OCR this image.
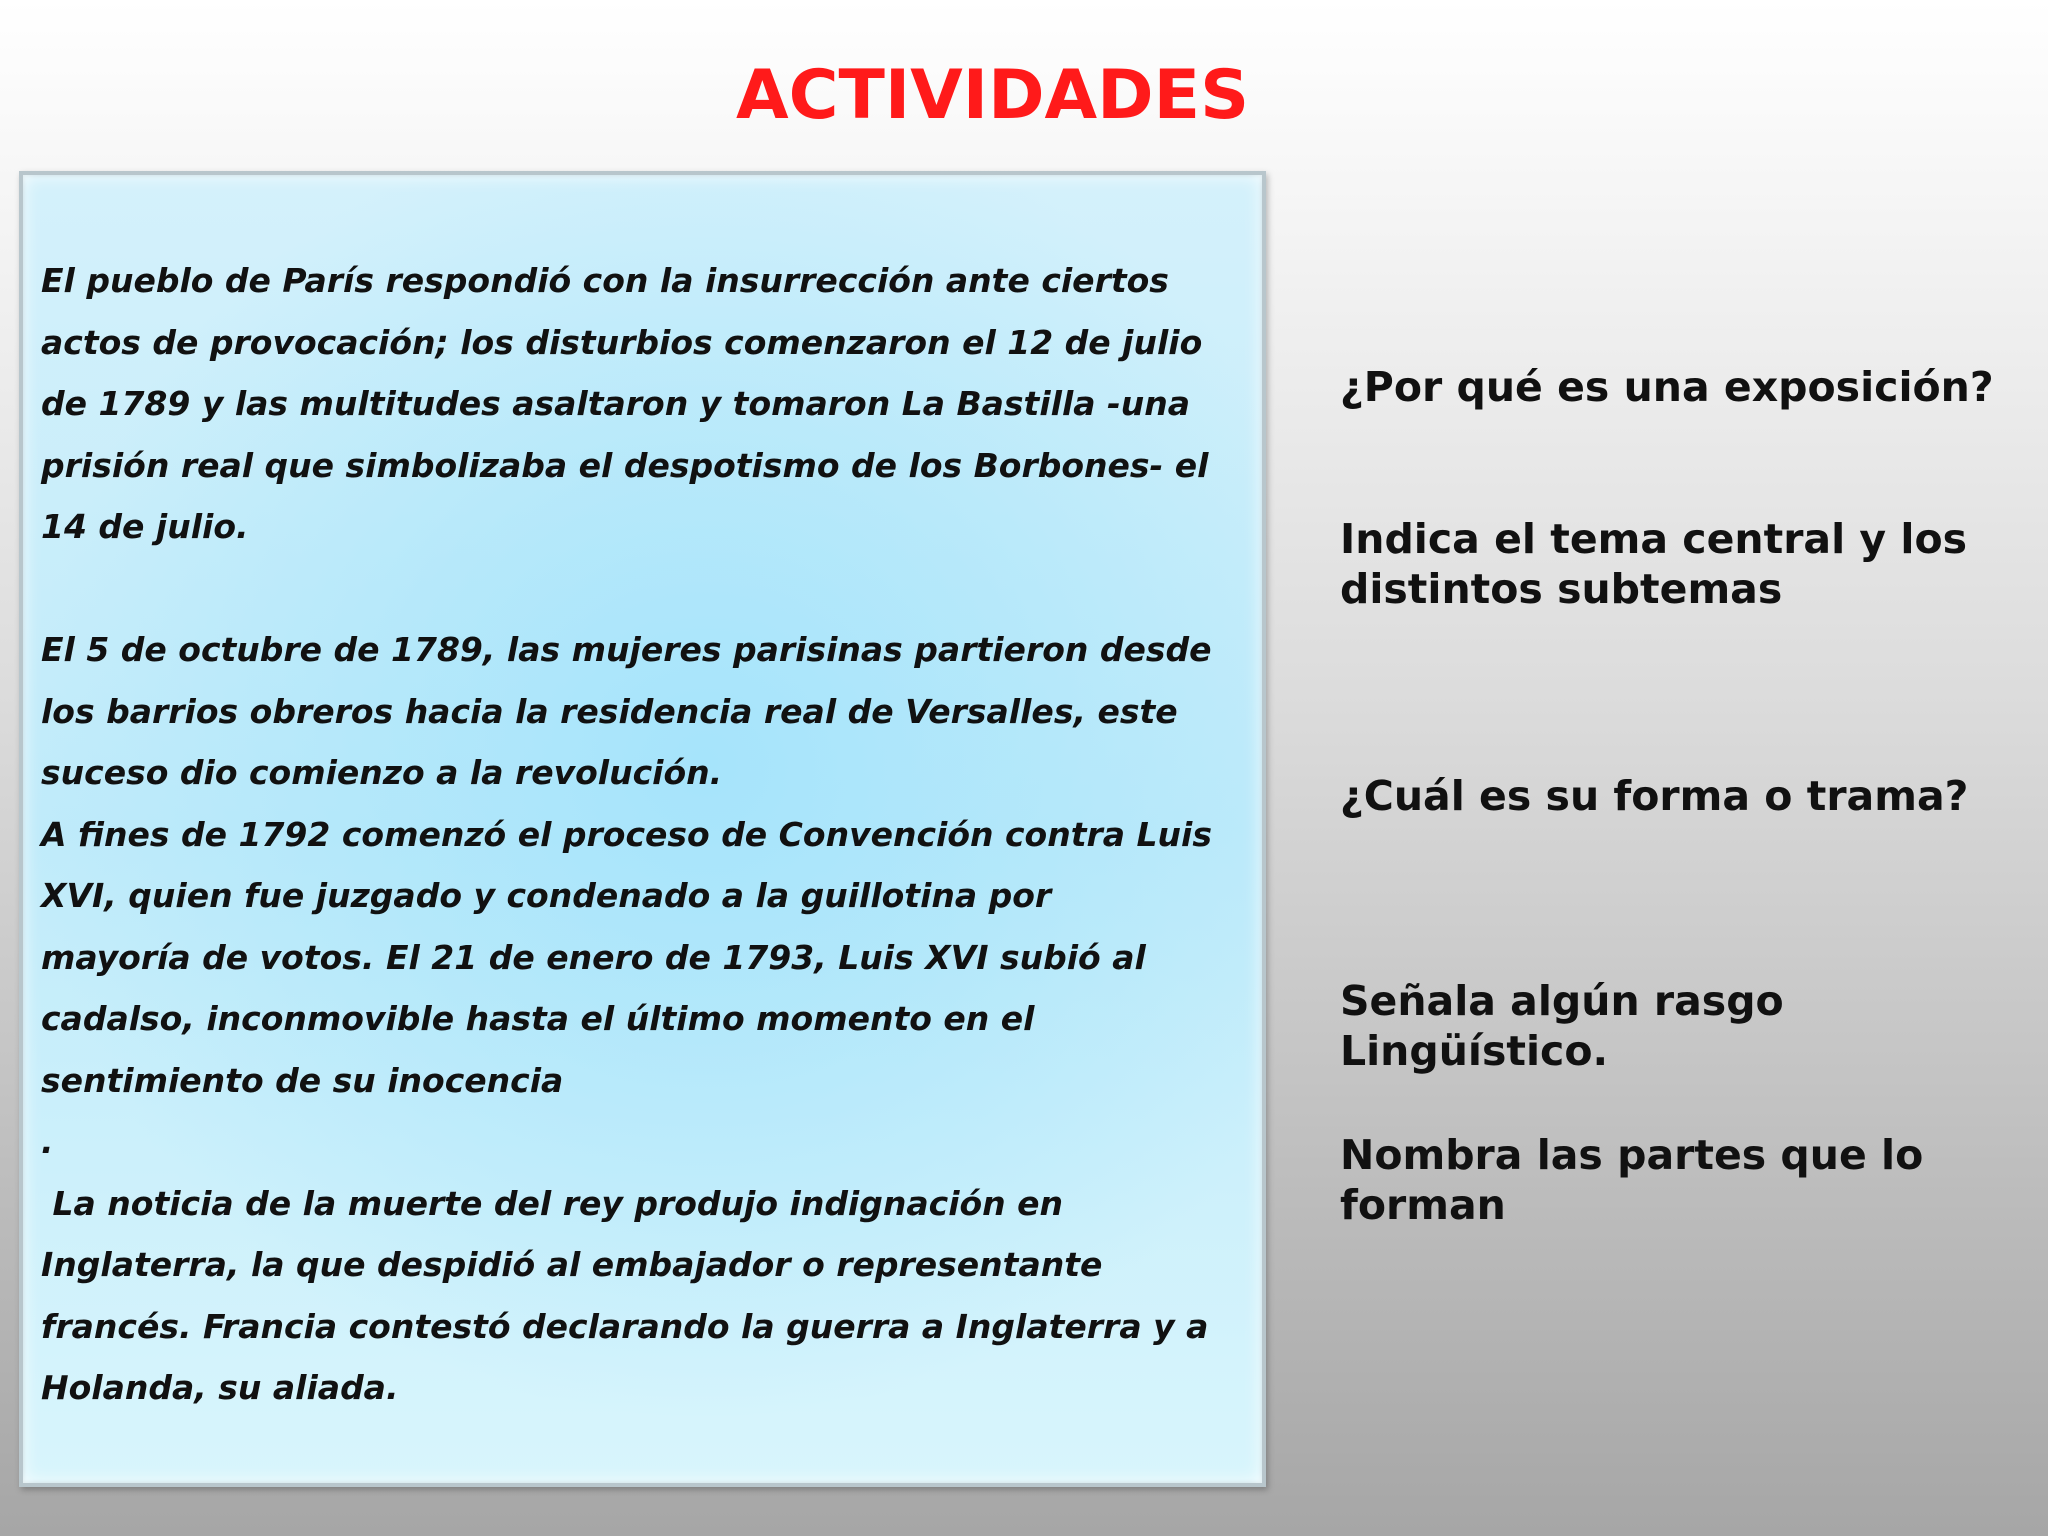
ACTIVIDADES

El pueblo de París respondió con la insurrección ante ciertos

actos de provocación; los disturbios comenzaron el 12 de julio

de 1789 y las multitudes asaltaron y tomaron La Bastilla -una

prisión real que simbolizaba el despotismo de los Borbones- el

14 de julio.

El 5 de octubre de 1789, las mujeres parisinas partieron desde

los barrios obreros hacia la residencia real de Versalles, este

suceso dio comienzo a la revolución.

A fines de 1792 comenzó el proceso de Convención contra Luis

XVI, quien fue juzgado y condenado a la guillotina por

mayoría de votos. El 21 de enero de 1793, Luis XVI subió al

cadalso, inconmovible hasta el último momento en el

sentimiento de su inocencia

.

La noticia de la muerte del rey produjo indignación en

Inglaterra, la que despidió al embajador o representante

francés. Francia contestó declarando la guerra a Inglaterra y a

Holanda, su aliada.

¿Por qué es una exposición?
Indica el tema central y los
distintos subtemas
¿Cuál es su forma o trama?
Señala algún rasgo
Lingüístico.
Nombra las partes que lo
forman
